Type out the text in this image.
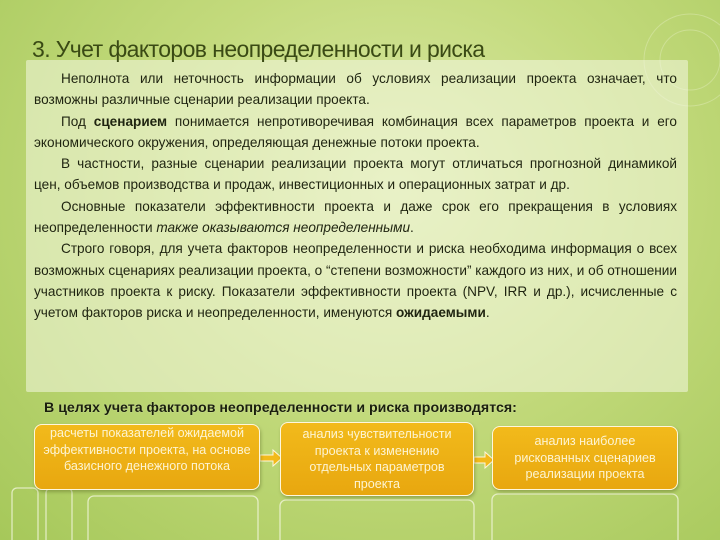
3. Учет факторов неопределенности и риска

Неполнота или неточность информации об условиях реализации проекта означает, что возможны различные сценарии реализации проекта.

Под сценарием понимается непротиворечивая комбинация всех параметров проекта и его экономического окружения, определяющая денежные потоки проекта.

В частности, разные сценарии реализации проекта могут отличаться прогнозной динамикой цен, объемов производства и продаж, инвестиционных и операционных затрат и др.

Основные показатели эффективности проекта и даже срок его прекращения в условиях неопределенности также оказываются неопределенными.

Строго говоря, для учета факторов неопределенности и риска необходима информация о всех возможных сценариях реализации проекта, о “степени возможности” каждого из них, и об отношении участников проекта к риску. Показатели эффективности проекта (NPV, IRR и др.), исчисленные с учетом факторов риска и неопределенности, именуются ожидаемыми.

В целях учета факторов неопределенности и риска производятся:
расчеты показателей ожидаемой эффективности проекта, на основе базисного денежного потока
анализ чувствительности проекта к изменению отдельных параметров проекта
анализ наиболее рискованных сценариев реализации проекта
